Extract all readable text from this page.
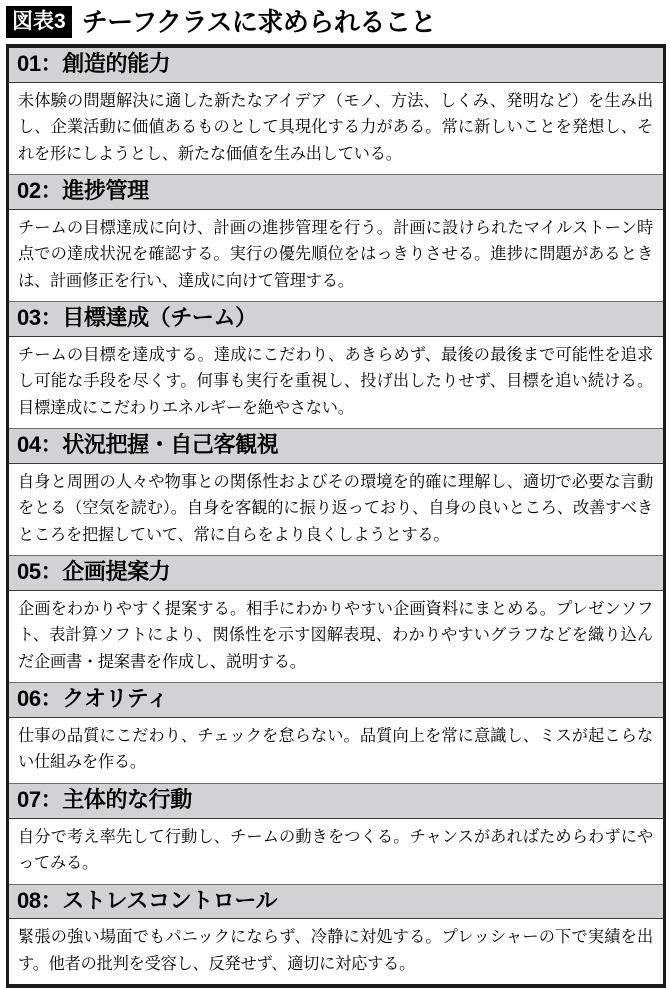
図表3 チーフクラスに求められること
01：創造的能力
未体験の問題解決に適した新たなアイデア（モノ、方法、しくみ、発明など）を生み出し、企業活動に価値あるものとして具現化する力がある。常に新しいことを発想し、それを形にしようとし、新たな価値を生み出している。
02：進捗管理
チームの目標達成に向け、計画の進捗管理を行う。計画に設けられたマイルストーン時点での達成状況を確認する。実行の優先順位をはっきりさせる。進捗に問題があるときは、計画修正を行い、達成に向けて管理する。
03：目標達成（チーム）
チームの目標を達成する。達成にこだわり、あきらめず、最後の最後まで可能性を追求し可能な手段を尽くす。何事も実行を重視し、投げ出したりせず、目標を追い続ける。目標達成にこだわりエネルギーを絶やさない。
04：状況把握・自己客観視
自身と周囲の人々や物事との関係性およびその環境を的確に理解し、適切で必要な言動をとる（空気を読む）。自身を客観的に振り返っており、自身の良いところ、改善すべきところを把握していて、常に自らをより良くしようとする。
05：企画提案力
企画をわかりやすく提案する。相手にわかりやすい企画資料にまとめる。プレゼンソフト、表計算ソフトにより、関係性を示す図解表現、わかりやすいグラフなどを織り込んだ企画書・提案書を作成し、説明する。
06：クオリティ
仕事の品質にこだわり、チェックを怠らない。品質向上を常に意識し、ミスが起こらない仕組みを作る。
07：主体的な行動
自分で考え率先して行動し、チームの動きをつくる。チャンスがあればためらわずにやってみる。
08：ストレスコントロール
緊張の強い場面でもパニックにならず、冷静に対処する。プレッシャーの下で実績を出す。他者の批判を受容し、反発せず、適切に対応する。
